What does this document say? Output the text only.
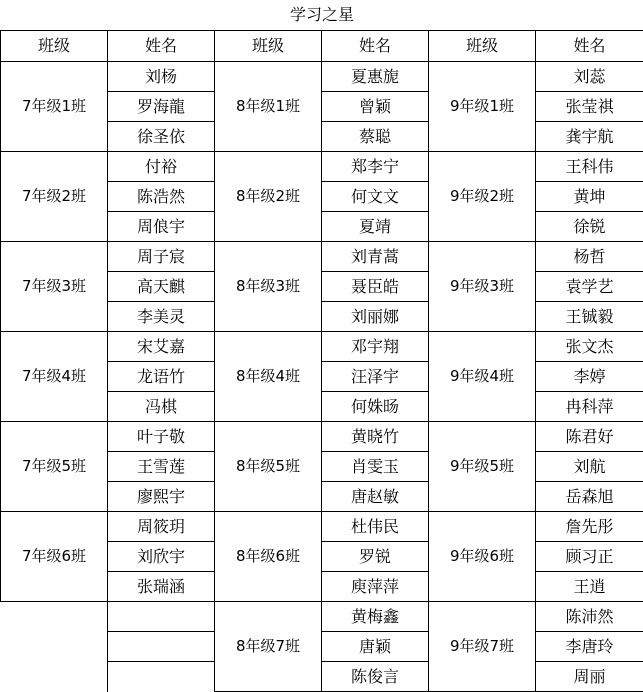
学习之星					
班级	姓名	班级	姓名	班级	姓名
7年级1班	刘杨	8年级1班	夏惠旎	9年级1班	刘蕊
	罗海龍		曾颖		张莹祺
	徐圣依		蔡聪		龚宇航
7年级2班	付裕	8年级2班	郑李宁	9年级2班	王科伟
	陈浩然		何文文		黄坤
	周俍宇		夏靖		徐锐
7年级3班	周子宸	8年级3班	刘青蒿	9年级3班	杨哲
	高天麒		聂臣皓		袁学艺
	李美灵		刘丽娜		王铖毅
7年级4班	宋艾嘉	8年级4班	邓宇翔	9年级4班	张文杰
	龙语竹		汪泽宇		李婷
	冯棋		何姝旸		冉科萍
7年级5班	叶子敬	8年级5班	黄晓竹	9年级5班	陈君好
	王雪莲		肖雯玉		刘航
	廖熙宇		唐赵敏		岳森旭
7年级6班	周筱玥	8年级6班	杜伟民	9年级6班	詹先彤
	刘欣宇		罗锐		顾习正
	张瑞涵		庾萍萍		王逍
		8年级7班	黄梅鑫	9年级7班	陈沛然
			唐颖		李唐玲
			陈俊言		周丽
